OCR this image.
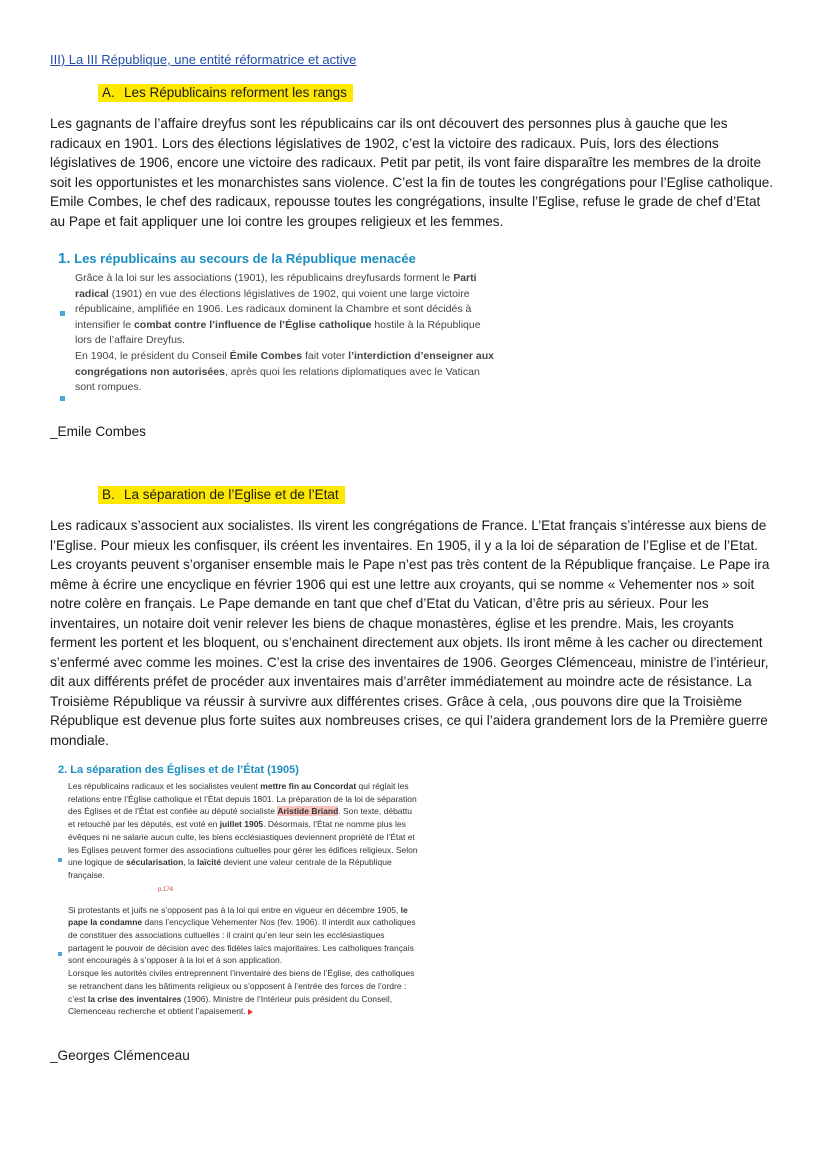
III) La III République, une entité réformatrice et active
A. Les Républicains reforment les rangs

Les gagnants de l’affaire dreyfus sont les républicains car ils ont découvert des personnes plus à gauche que les radicaux en 1901. Lors des élections législatives de 1902, c’est la victoire des radicaux. Puis, lors des élections législatives de 1906, encore une victoire des radicaux. Petit par petit, ils vont faire disparaître les membres de la droite soit les opportunistes et les monarchistes sans violence. C’est la fin de toutes les congrégations pour l’Eglise catholique. Emile Combes, le chef des radicaux, repousse toutes les congrégations, insulte l’Eglise, refuse le grade de chef d’Etat au Pape et fait appliquer une loi contre les groupes religieux et les femmes.

1. Les républicains au secours de la République menacée

Grâce à la loi sur les associations (1901), les républicains dreyfusards forment le Parti radical (1901) en vue des élections législatives de 1902, qui voient une large victoire républicaine, amplifiée en 1906. Les radicaux dominent la Chambre et sont décidés à intensifier le combat contre l’influence de l’Église catholique hostile à la République lors de l’affaire Dreyfus.

En 1904, le président du Conseil Émile Combes fait voter l’interdiction d’enseigner aux congrégations non autorisées, après quoi les relations diplomatiques avec le Vatican sont rompues.

_Emile Combes
B. La séparation de l’Eglise et de l’Etat

Les radicaux s’associent aux socialistes. Ils virent les congrégations de France. L’Etat français s’intéresse aux biens de l’Eglise. Pour mieux les confisquer, ils créent les inventaires. En 1905, il y a la loi de séparation de l’Eglise et de l’Etat. Les croyants peuvent s’organiser ensemble mais le Pape n’est pas très content de la République française. Le Pape ira même à écrire une encyclique en février 1906 qui est une lettre aux croyants, qui se nomme « Vehementer nos » soit notre colère en français. Le Pape demande en tant que chef d’Etat du Vatican, d’être pris au sérieux. Pour les inventaires, un notaire doit venir relever les biens de chaque monastères, église et les prendre. Mais, les croyants ferment les portent et les bloquent, ou s’enchainent directement aux objets. Ils iront même à les cacher ou directement s’enfermé avec comme les moines. C’est la crise des inventaires de 1906. Georges Clémenceau, ministre de l’intérieur, dit aux différents préfet de procéder aux inventaires mais d’arrêter immédiatement au moindre acte de résistance. La Troisième République va réussir à survivre aux différentes crises. Grâce à cela, ,ous pouvons dire que la Troisième République est devenue plus forte suites aux nombreuses crises, ce qui l’aidera grandement lors de la Première guerre mondiale.

2. La séparation des Églises et de l’État (1905)

Les républicains radicaux et les socialistes veulent mettre fin au Concordat qui réglait les relations entre l’Église catholique et l’État depuis 1801. La préparation de la loi de séparation des Églises et de l’État est confiée au député socialiste Aristide Briand. Son texte, débattu et retouché par les députés, est voté en juillet 1905. Désormais, l’État ne nomme plus les évêques ni ne salarie aucun culte, les biens ecclésiastiques deviennent propriété de l’État et les Églises peuvent former des associations cultuelles pour gérer les édifices religieux. Selon une logique de sécularisation, la laïcité devient une valeur centrale de la République française.

p.174

Si protestants et juifs ne s’opposent pas à la loi qui entre en vigueur en décembre 1905, le pape la condamne dans l’encyclique Vehementer Nos (fev. 1906). Il interdit aux catholiques de constituer des associations cultuelles : il craint qu’en leur sein les ecclésiastiques partagent le pouvoir de décision avec des fidèles laïcs majoritaires. Les catholiques français sont encouragés à s’opposer à la loi et à son application.

Lorsque les autorités civiles entreprennent l’inventaire des biens de l’Église, des catholiques se retranchent dans les bâtiments religieux ou s’opposent à l’entrée des forces de l’ordre : c’est la crise des inventaires (1906). Ministre de l’Intérieur puis président du Conseil, Clemenceau recherche et obtient l’apaisement.

_Georges Clémenceau
